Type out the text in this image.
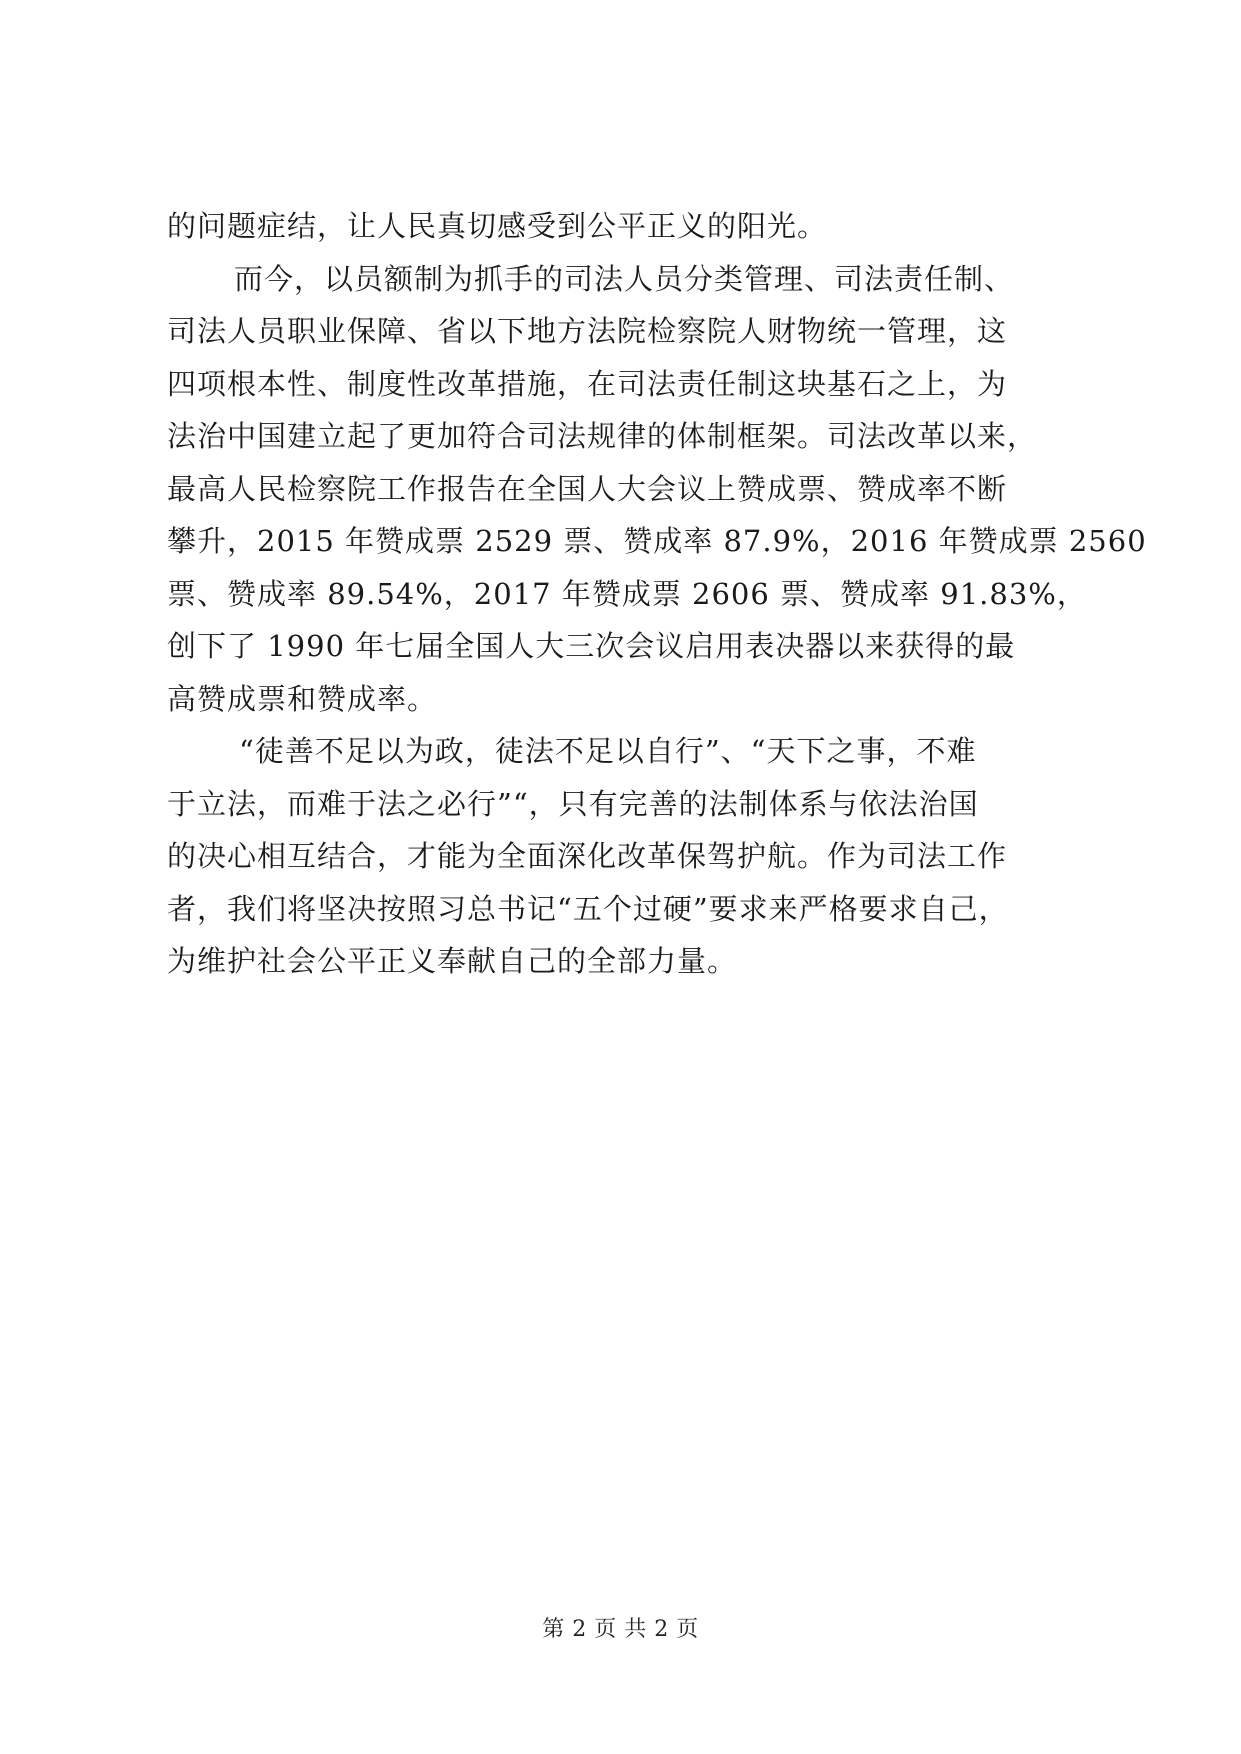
的问题症结，让人民真切感受到公平正义的阳光。
而今，以员额制为抓手的司法人员分类管理、司法责任制、
司法人员职业保障、省以下地方法院检察院人财物统一管理，这
四项根本性、制度性改革措施，在司法责任制这块基石之上，为
法治中国建立起了更加符合司法规律的体制框架。司法改革以来，
最高人民检察院工作报告在全国人大会议上赞成票、赞成率不断
攀升，2015 年赞成票 2529 票、赞成率 87.9%，2016 年赞成票 2560
票、赞成率 89.54%，2017 年赞成票 2606 票、赞成率 91.83%，
创下了 1990 年七届全国人大三次会议启用表决器以来获得的最
高赞成票和赞成率。
“徒善不足以为政，徒法不足以自行”、“天下之事，不难
于立法，而难于法之必行”“，只有完善的法制体系与依法治国
的决心相互结合，才能为全面深化改革保驾护航。作为司法工作
者，我们将坚决按照习总书记“五个过硬”要求来严格要求自己，
为维护社会公平正义奉献自己的全部力量。
第 2 页 共 2 页
